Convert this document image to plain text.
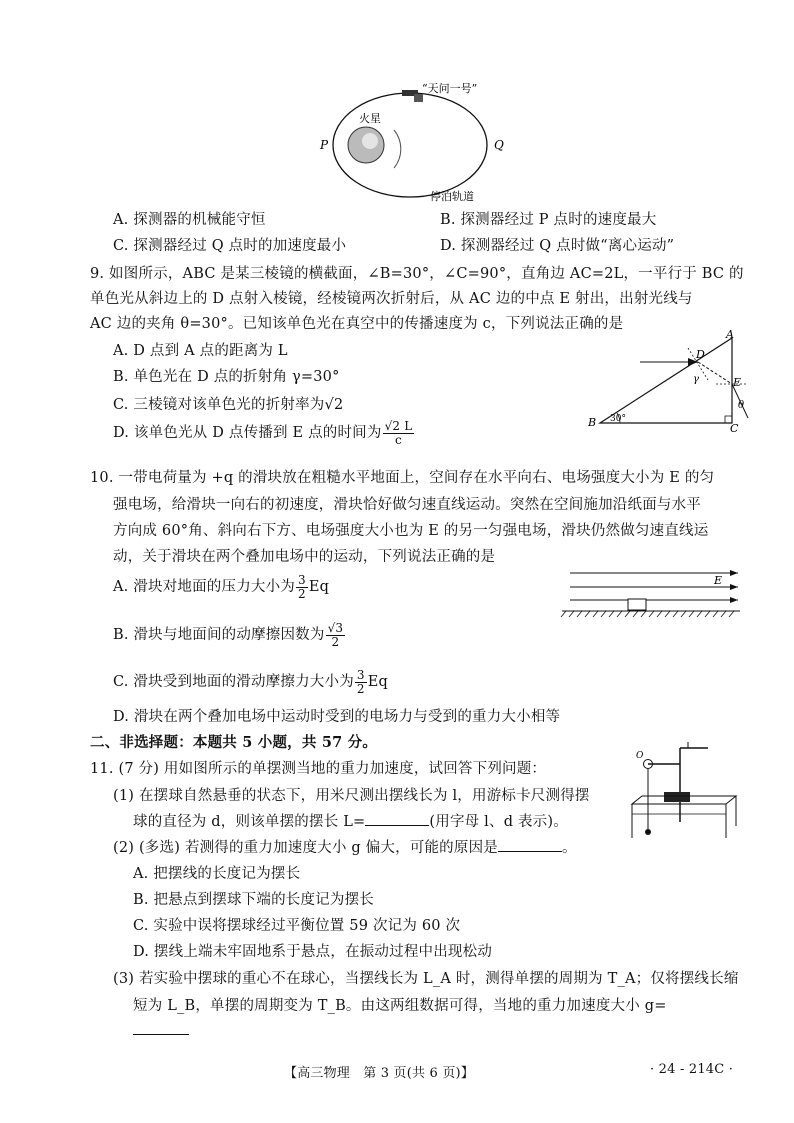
“天问一号”
火星
P	Q
停泊轨道
A. 探测器的机械能守恒	B. 探测器经过 P 点时的速度最大
C. 探测器经过 Q 点时的加速度最小	D. 探测器经过 Q 点时做“离心运动”
9. 如图所示，ABC 是某三棱镜的横截面，∠B=30°，∠C=90°，直角边 AC=2L，一平行于 BC 的
单色光从斜边上的 D 点射入棱镜，经棱镜两次折射后，从 AC 边的中点 E 射出，出射光线与
AC 边的夹角 θ=30°。已知该单色光在真空中的传播速度为 c，下列说法正确的是
A. D 点到 A 点的距离为 L
B. 单色光在 D 点的折射角 γ=30°
C. 三棱镜对该单色光的折射率为√2
D. 该单色光从 D 点传播到 E 点的时间为 $\frac{√2 L}{c}$
A
B	C
D
E
γ
θ
30°
10. 一带电荷量为 +q 的滑块放在粗糙水平地面上，空间存在水平向右、电场强度大小为 E 的匀
强电场，给滑块一向右的初速度，滑块恰好做匀速直线运动。突然在空间施加沿纸面与水平
方向成 60°角、斜向右下方、电场强度大小也为 E 的另一匀强电场，滑块仍然做匀速直线运
动，关于滑块在两个叠加电场中的运动，下列说法正确的是
A. 滑块对地面的压力大小为 $\frac{3}{2}$ Eq
B. 滑块与地面间的动摩擦因数为 $\frac{√3}{2}$
C. 滑块受到地面的滑动摩擦力大小为 $\frac{3}{2}$ Eq
D. 滑块在两个叠加电场中运动时受到的电场力与受到的重力大小相等
E
二、非选择题：本题共 5 小题，共 57 分。
11. (7 分) 用如图所示的单摆测当地的重力加速度，试回答下列问题：
(1) 在摆球自然悬垂的状态下，用米尺测出摆线长为 l，用游标卡尺测得摆
球的直径为 d，则该单摆的摆长 L=	(用字母 l、d 表示)。
(2) (多选) 若测得的重力加速度大小 g 偏大，可能的原因是	。
A. 把摆线的长度记为摆长
B. 把悬点到摆球下端的长度记为摆长
C. 实验中误将摆球经过平衡位置 59 次记为 60 次
D. 摆线上端未牢固地系于悬点，在振动过程中出现松动
(3) 若实验中摆球的重心不在球心，当摆线长为 L_A 时，测得单摆的周期为 T_A；仅将摆线长缩
短为 L_B，单摆的周期变为 T_B。由这两组数据可得，当地的重力加速度大小 g=
O
【高三物理　第 3 页(共 6 页)】	· 24 - 214C ·
